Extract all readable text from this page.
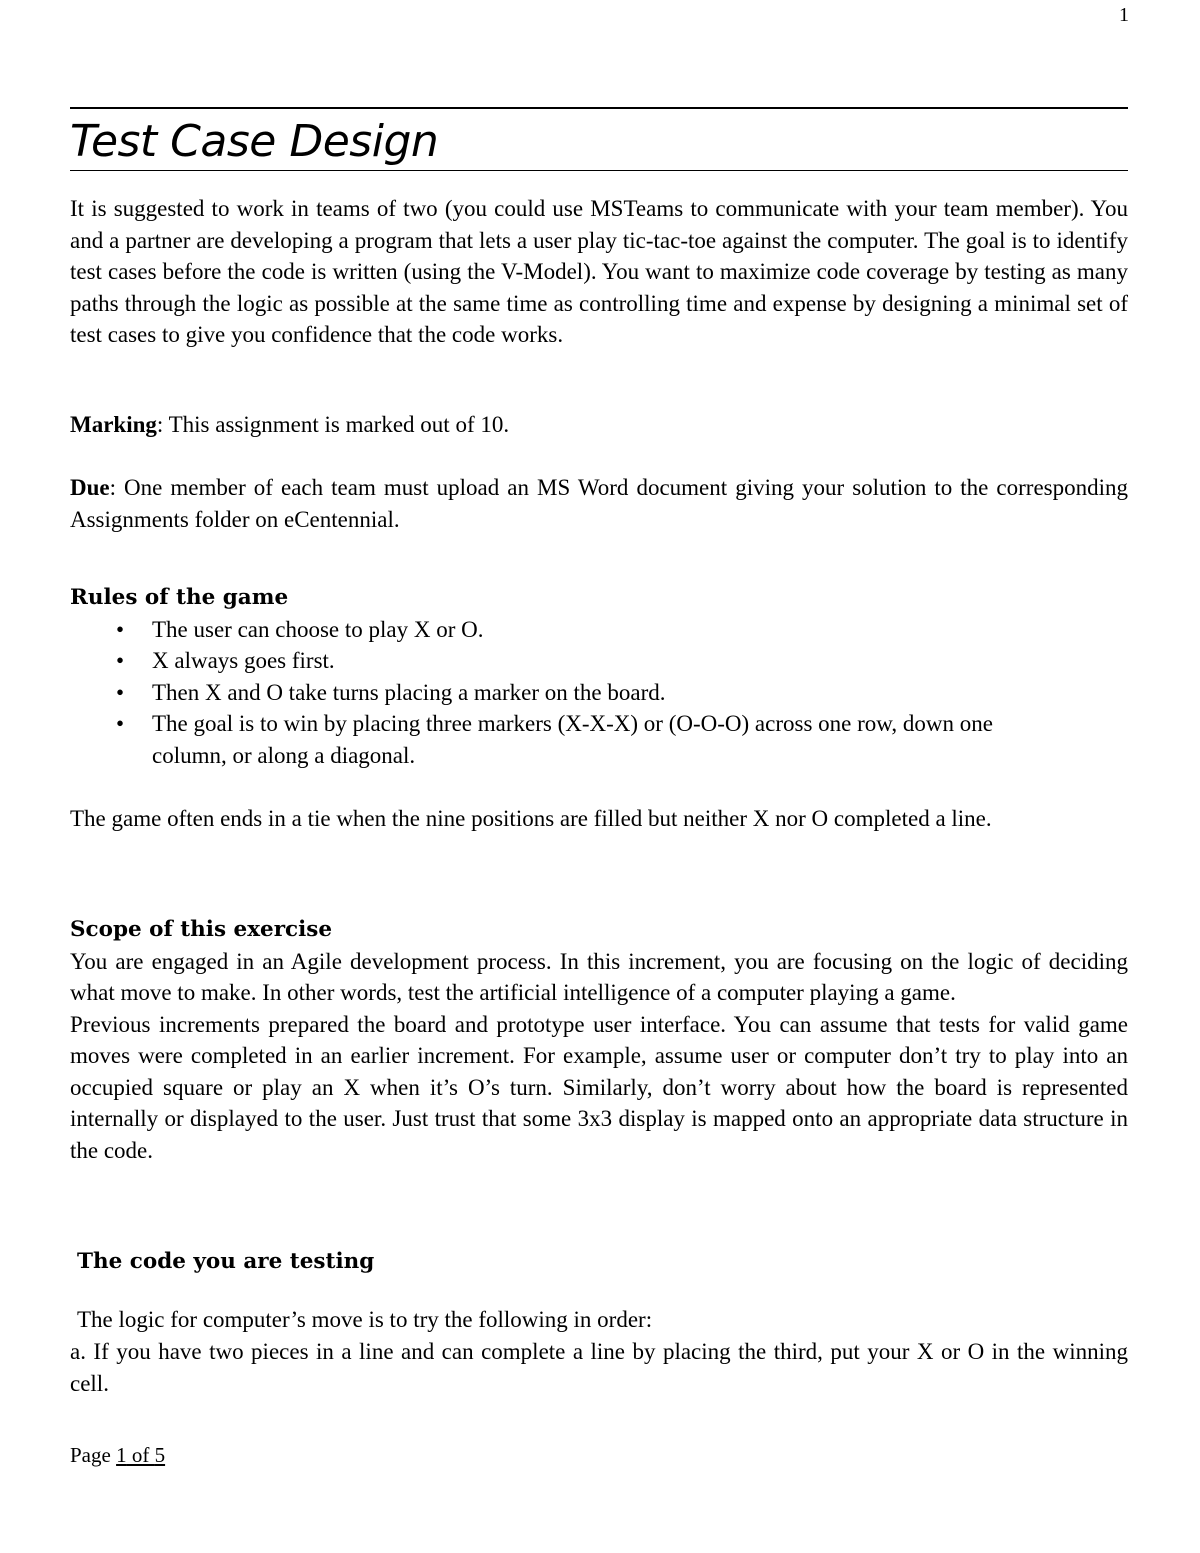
1
Test Case Design
It is suggested to work in teams of two (you could use MSTeams to communicate with your team member). You and a partner are developing a program that lets a user play tic-tac-toe against the computer. The goal is to identify test cases before the code is written (using the V-Model). You want to maximize code coverage by testing as many paths through the logic as possible at the same time as controlling time and expense by designing a minimal set of test cases to give you confidence that the code works.
Marking: This assignment is marked out of 10.
Due: One member of each team must upload an MS Word document giving your solution to the corresponding Assignments folder on eCentennial.
Rules of the game
• The user can choose to play X or O.
• X always goes first.
• Then X and O take turns placing a marker on the board.
• The goal is to win by placing three markers (X-X-X) or (O-O-O) across one row, down one column, or along a diagonal.
The game often ends in a tie when the nine positions are filled but neither X nor O completed a line.
Scope of this exercise

You are engaged in an Agile development process. In this increment, you are focusing on the logic of deciding what move to make. In other words, test the artificial intelligence of a computer playing a game.

Previous increments prepared the board and prototype user interface. You can assume that tests for valid game moves were completed in an earlier increment. For example, assume user or computer don’t try to play into an occupied square or play an X when it’s O’s turn. Similarly, don’t worry about how the board is represented internally or displayed to the user. Just trust that some 3x3 display is mapped onto an appropriate data structure in the code.

The code you are testing
The logic for computer’s move is to try the following in order:
a. If you have two pieces in a line and can complete a line by placing the third, put your X or O in the winning cell.
Page 1 of 5
